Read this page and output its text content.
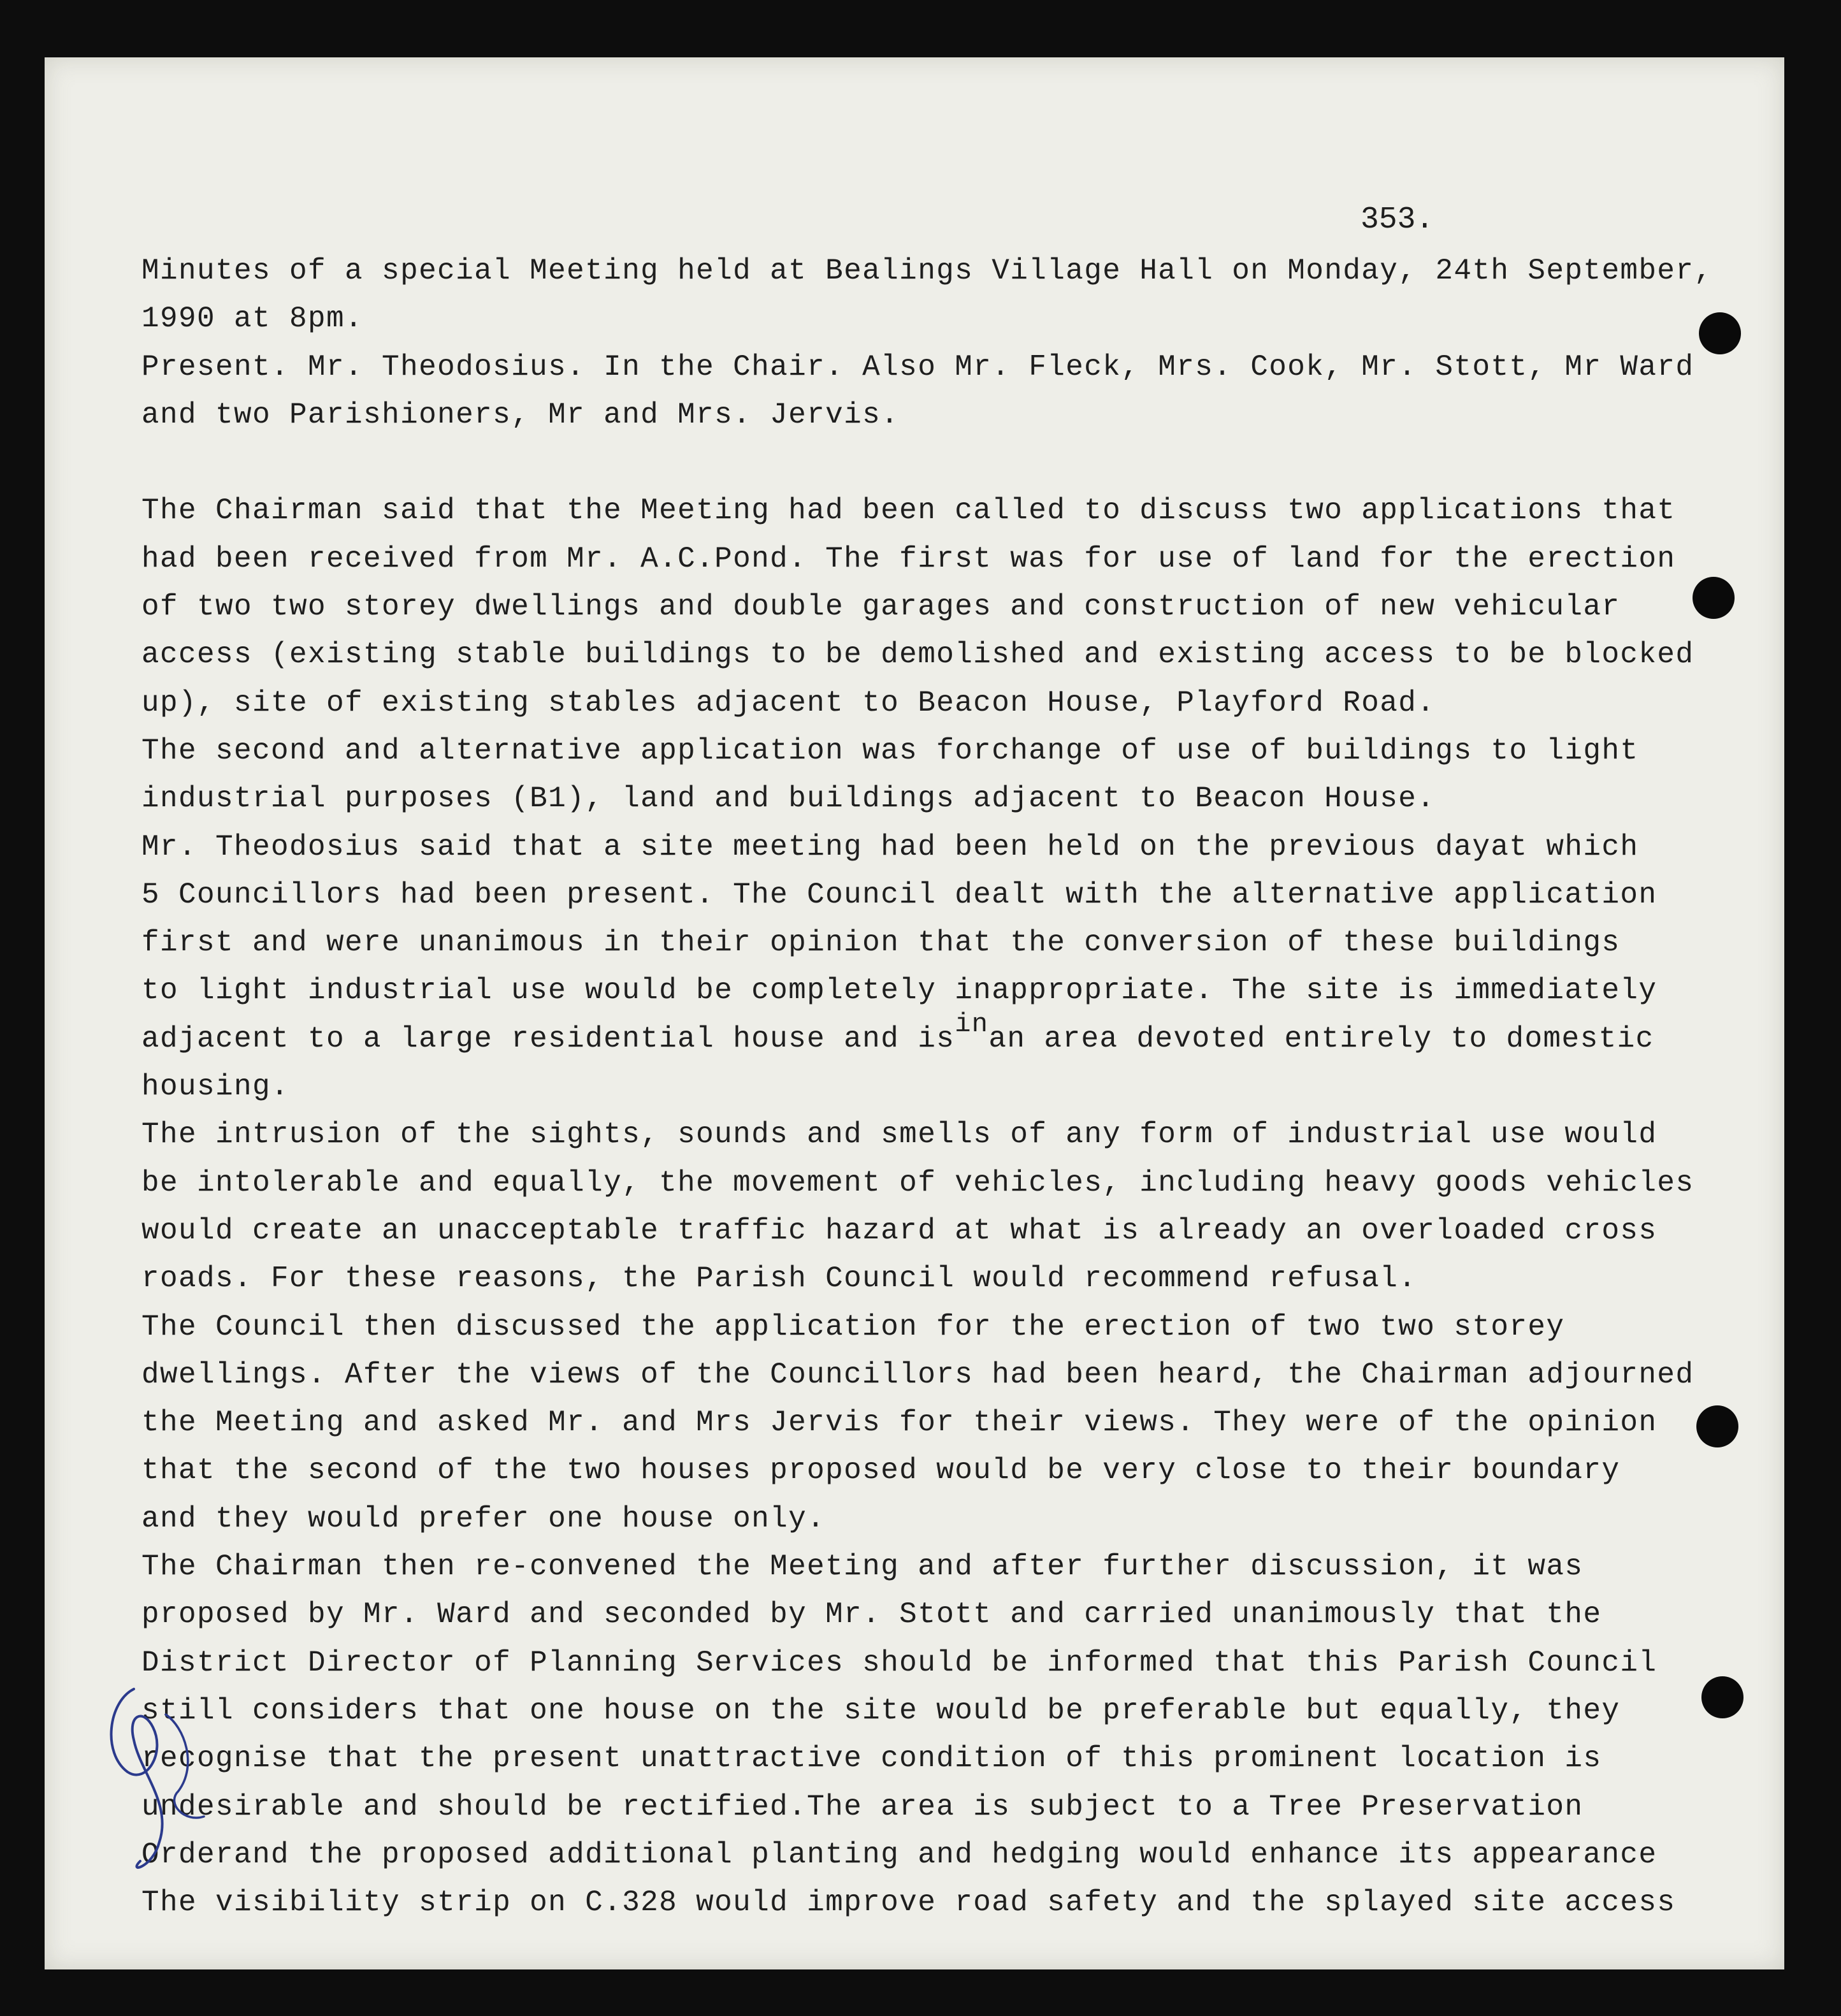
353.
Minutes of a special Meeting held at Bealings Village Hall on Monday, 24th September,
1990 at 8pm.
Present. Mr. Theodosius. In the Chair. Also Mr. Fleck, Mrs. Cook, Mr. Stott, Mr Ward
and two Parishioners, Mr and Mrs. Jervis.
The Chairman said that the Meeting had been called to discuss two applications that
had been received from Mr. A.C.Pond. The first was for use of land for the erection
of two two storey dwellings and double garages and construction of new vehicular
access (existing stable buildings to be demolished and existing access to be blocked
up), site of existing stables adjacent to Beacon House, Playford Road.
The second and alternative application was forchange of use of buildings to light
industrial purposes (B1), land and buildings adjacent to Beacon House.
Mr. Theodosius said that a site meeting had been held on the previous dayat which
5 Councillors had been present. The Council dealt with the alternative application
first and were unanimous in their opinion that the conversion of these buildings
to light industrial use would be completely inappropriate. The site is immediately
adjacent to a large residential house and isinan area devoted entirely to domestic
housing.
The intrusion of the sights, sounds and smells of any form of industrial use would
be intolerable and equally, the movement of vehicles, including heavy goods vehicles
would create an unacceptable traffic hazard at what is already an overloaded cross
roads. For these reasons, the Parish Council would recommend refusal.
The Council then discussed the application for the erection of two two storey
dwellings. After the views of the Councillors had been heard, the Chairman adjourned
the Meeting and asked Mr. and Mrs Jervis for their views. They were of the opinion
that the second of the two houses proposed would be very close to their boundary
and they would prefer one house only.
The Chairman then re-convened the Meeting and after further discussion, it was
proposed by Mr. Ward and seconded by Mr. Stott and carried unanimously that the
District Director of Planning Services should be informed that this Parish Council
still considers that one house on the site would be preferable but equally, they
recognise that the present unattractive condition of this prominent location is
undesirable and should be rectified.The area is subject to a Tree Preservation
Orderand the proposed additional planting and hedging would enhance its appearance
The visibility strip on C.328 would improve road safety and the splayed site access
